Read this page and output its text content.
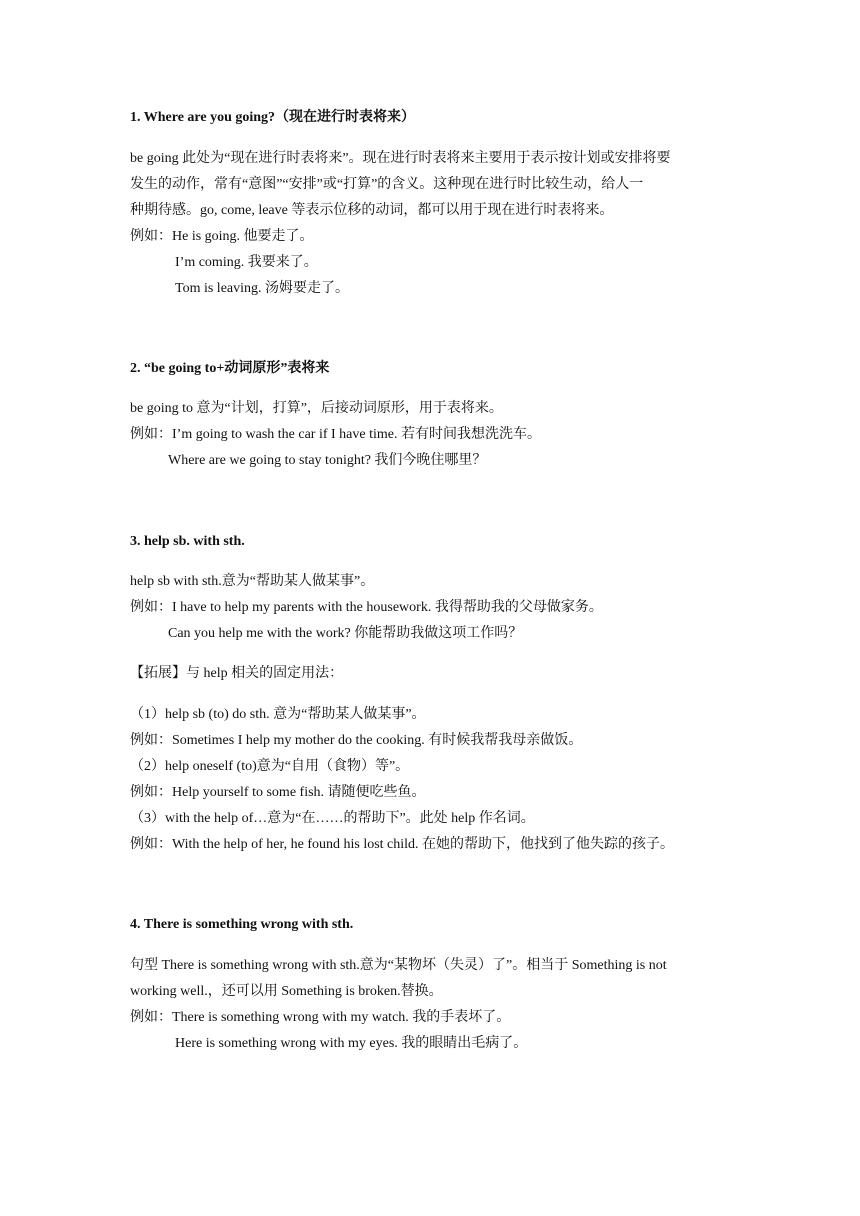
1. Where are you going?（现在进行时表将来）
be going 此处为“现在进行时表将来”。现在进行时表将来主要用于表示按计划或安排将要
发生的动作，常有“意图”“安排”或“打算”的含义。这种现在进行时比较生动，给人一
种期待感。go, come, leave 等表示位移的动词，都可以用于现在进行时表将来。
例如：He is going. 他要走了。
I’m coming. 我要来了。
Tom is leaving. 汤姆要走了。
2. “be going to+动词原形”表将来
be going to 意为“计划，打算”，后接动词原形，用于表将来。
例如：I’m going to wash the car if I have time. 若有时间我想洗洗车。
Where are we going to stay tonight? 我们今晚住哪里？
3. help sb. with sth.
help sb with sth.意为“帮助某人做某事”。
例如：I have to help my parents with the housework. 我得帮助我的父母做家务。
Can you help me with the work? 你能帮助我做这项工作吗？
【拓展】与 help 相关的固定用法：
（1）help sb (to) do sth. 意为“帮助某人做某事”。
例如：Sometimes I help my mother do the cooking. 有时候我帮我母亲做饭。
（2）help oneself (to)意为“自用（食物）等”。
例如：Help yourself to some fish. 请随便吃些鱼。
（3）with the help of…意为“在……的帮助下”。此处 help 作名词。
例如：With the help of her, he found his lost child. 在她的帮助下，他找到了他失踪的孩子。
4. There is something wrong with sth.
句型 There is something wrong with sth.意为“某物坏（失灵）了”。相当于 Something is not
working well.，还可以用 Something is broken.替换。
例如：There is something wrong with my watch. 我的手表坏了。
Here is something wrong with my eyes. 我的眼睛出毛病了。
